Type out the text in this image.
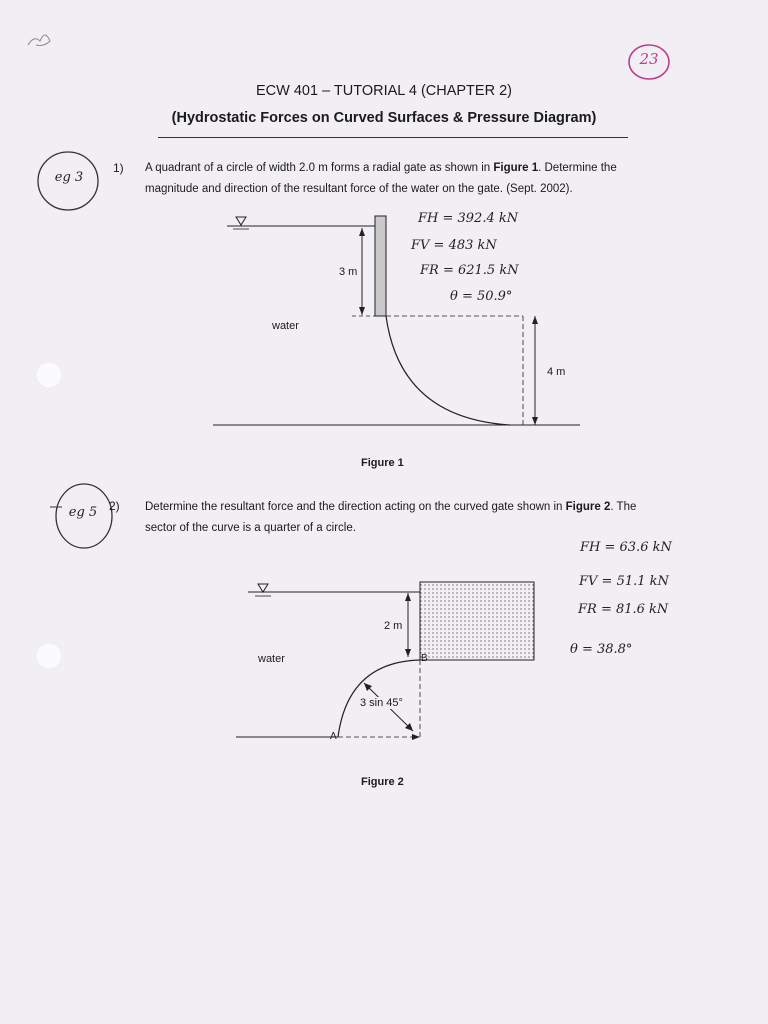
ECW 401 – TUTORIAL 4 (CHAPTER 2)
(Hydrostatic Forces on Curved Surfaces & Pressure Diagram)
23
eg 3
1) A quadrant of a circle of width 2.0 m forms a radial gate as shown in Figure 1. Determine the magnitude and direction of the resultant force of the water on the gate. (Sept. 2002).
3 m
water
4 m
FH = 392.4 kN
FV = 483 kN
FR = 621.5 kN
θ = 50.9°
Figure 1
eg 5 2) Determine the resultant force and the direction acting on the curved gate shown in Figure 2. The sector of the curve is a quarter of a circle.
2 m
water
3 sin 45°
B
A
FH = 63.6 kN
FV = 51.1 kN
FR = 81.6 kN
θ = 38.8°
Figure 2
